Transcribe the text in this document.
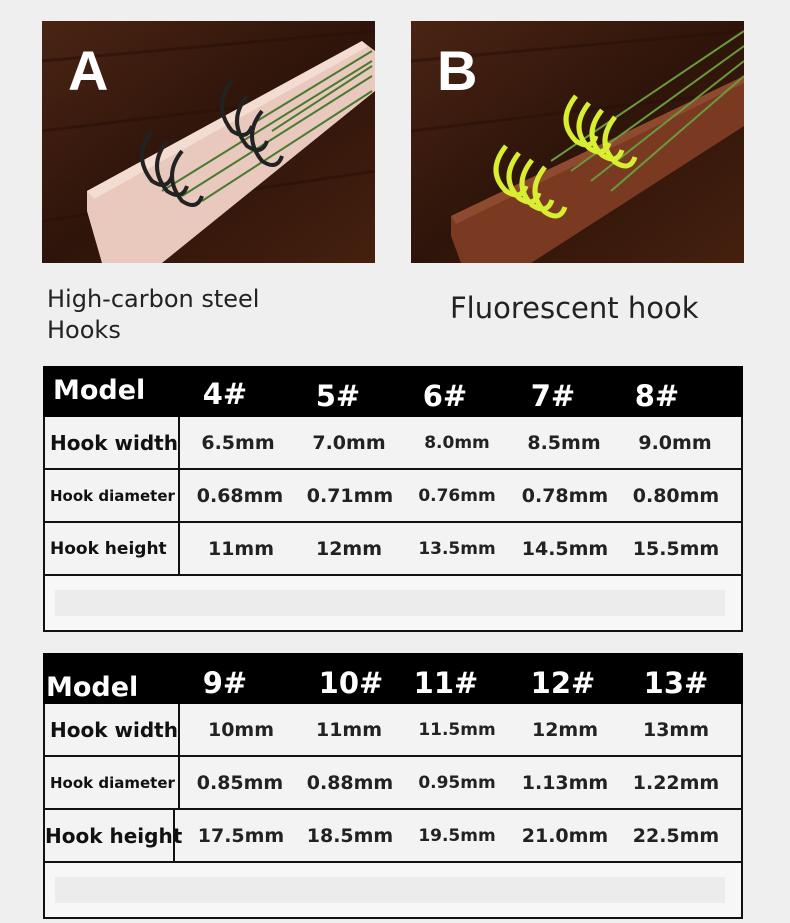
A	B
High-carbon steel
Hooks
Fluorescent hook
Model 4# 5# 6# 7# 8#
Hook width 6.5mm 7.0mm 8.0mm 8.5mm 9.0mm
Hook diameter 0.68mm 0.71mm 0.76mm 0.78mm 0.80mm
Hook height	11mm 12mm 13.5mm 14.5mm 15.5mm
Model 9# 10# 11# 12# 13#
Hook width 10mm 11mm 11.5mm 12mm 13mm
Hook diameter 0.85mm 0.88mm 0.95mm 1.13mm 1.22mm
Hook height 17.5mm 18.5mm 19.5mm 21.0mm 22.5mm
